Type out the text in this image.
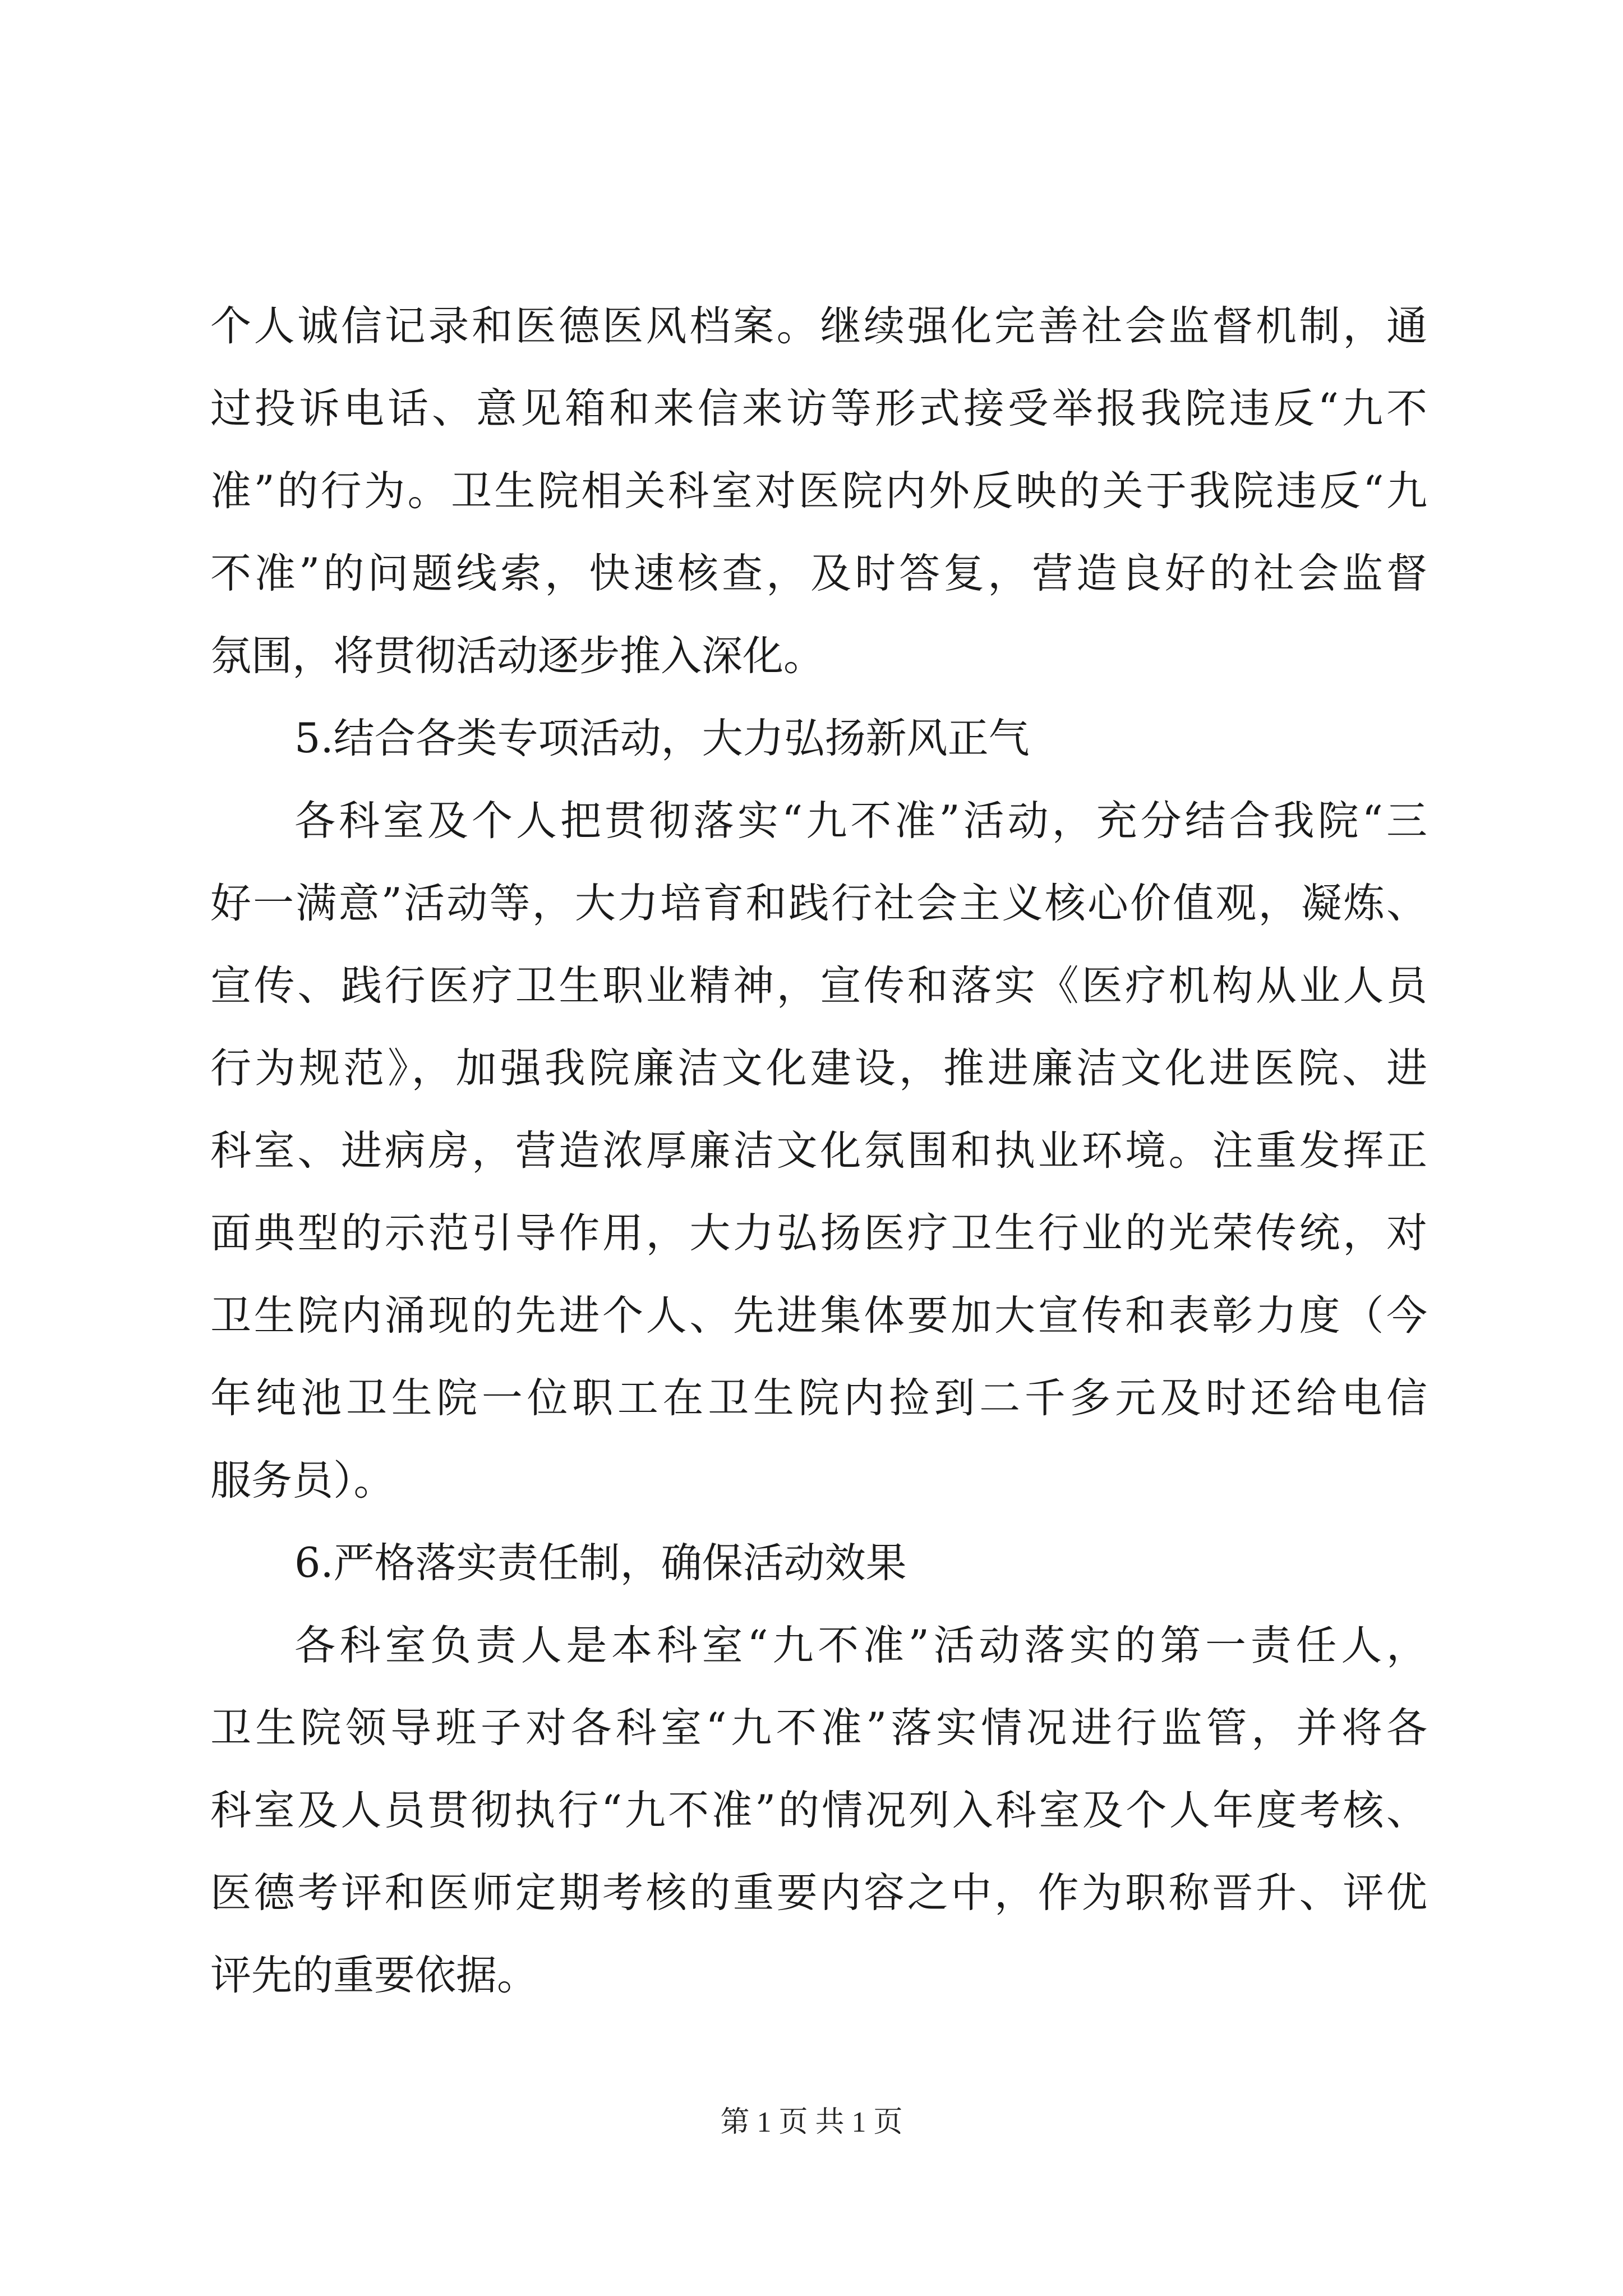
个人诚信记录和医德医风档案。继续强化完善社会监督机制，通
过投诉电话、意见箱和来信来访等形式接受举报我院违反“九不
准”的行为。卫生院相关科室对医院内外反映的关于我院违反“九
不准”的问题线索，快速核查，及时答复，营造良好的社会监督
氛围，将贯彻活动逐步推入深化。
5.结合各类专项活动，大力弘扬新风正气
各科室及个人把贯彻落实“九不准”活动，充分结合我院“三
好一满意”活动等，大力培育和践行社会主义核心价值观，凝炼、
宣传、践行医疗卫生职业精神，宣传和落实《医疗机构从业人员
行为规范》，加强我院廉洁文化建设，推进廉洁文化进医院、进
科室、进病房，营造浓厚廉洁文化氛围和执业环境。注重发挥正
面典型的示范引导作用，大力弘扬医疗卫生行业的光荣传统，对
卫生院内涌现的先进个人、先进集体要加大宣传和表彰力度（今
年纯池卫生院一位职工在卫生院内捡到二千多元及时还给电信
服务员）。
6.严格落实责任制，确保活动效果
各科室负责人是本科室“九不准”活动落实的第一责任人，
卫生院领导班子对各科室“九不准”落实情况进行监管，并将各
科室及人员贯彻执行“九不准”的情况列入科室及个人年度考核、
医德考评和医师定期考核的重要内容之中，作为职称晋升、评优
评先的重要依据。
第 1 页 共 1 页
